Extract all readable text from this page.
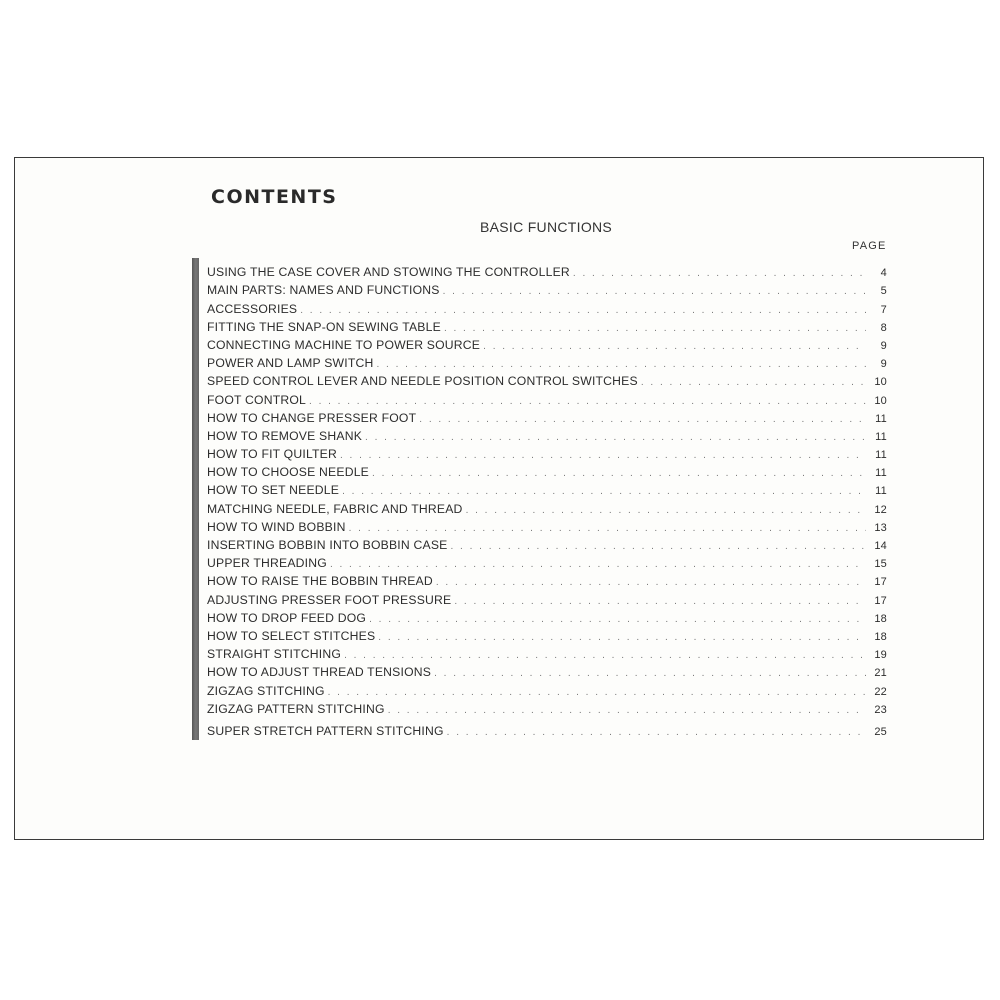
CONTENTS
BASIC FUNCTIONS
PAGE
USING THE CASE COVER AND STOWING THE CONTROLLER . . .	4
MAIN PARTS: NAMES AND FUNCTIONS . . .	5
ACCESSORIES . . .	7
FITTING THE SNAP-ON SEWING TABLE . . .	8
CONNECTING MACHINE TO POWER SOURCE . . .	9
POWER AND LAMP SWITCH . . .	9
SPEED CONTROL LEVER AND NEEDLE POSITION CONTROL SWITCHES . . .	10
FOOT CONTROL . . .	10
HOW TO CHANGE PRESSER FOOT . . .	11
HOW TO REMOVE SHANK . . .	11
HOW TO FIT QUILTER . . .	11
HOW TO CHOOSE NEEDLE . . .	11
HOW TO SET NEEDLE . . .	11
MATCHING NEEDLE, FABRIC AND THREAD . . .	12
HOW TO WIND BOBBIN . . .	13
INSERTING BOBBIN INTO BOBBIN CASE . . .	14
UPPER THREADING . . .	15
HOW TO RAISE THE BOBBIN THREAD . . .	17
ADJUSTING PRESSER FOOT PRESSURE . . .	17
HOW TO DROP FEED DOG . . .	18
HOW TO SELECT STITCHES . . .	18
STRAIGHT STITCHING . . .	19
HOW TO ADJUST THREAD TENSIONS . . .	21
ZIGZAG STITCHING . . .	22
ZIGZAG PATTERN STITCHING . . .	23
SUPER STRETCH PATTERN STITCHING . . .	25
